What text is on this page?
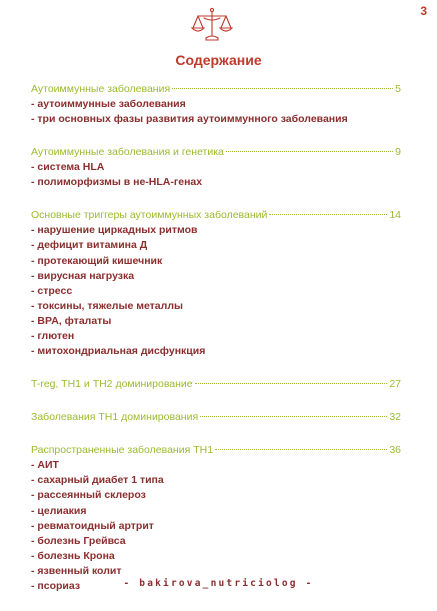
3
Содержание
Аутоиммунные заболевания	5
- аутоиммунные заболевания
- три основных фазы развития аутоиммунного заболевания
Аутоиммунные заболевания и генетика	9
- система HLA
- полиморфизмы в не-HLA-генах
Основные триггеры аутоиммунных заболеваний	14
- нарушение циркадных ритмов
- дефицит витамина Д
- протекающий кишечник
- вирусная нагрузка
- стресс
- токсины, тяжелые металлы
- BPA, фталаты
- глютен
- митохондриальная дисфункция
T-reg, TH1 и TH2 доминирование	27
Заболевания TH1 доминирования	32
Распространенные заболевания TH1	36
- АИТ
- сахарный диабет 1 типа
- рассеянный склероз
- целиакия
- ревматоидный артрит
- болезнь Грейвса
- болезнь Крона
- язвенный колит
- псориаз	- bakirova_nutriciolog -
